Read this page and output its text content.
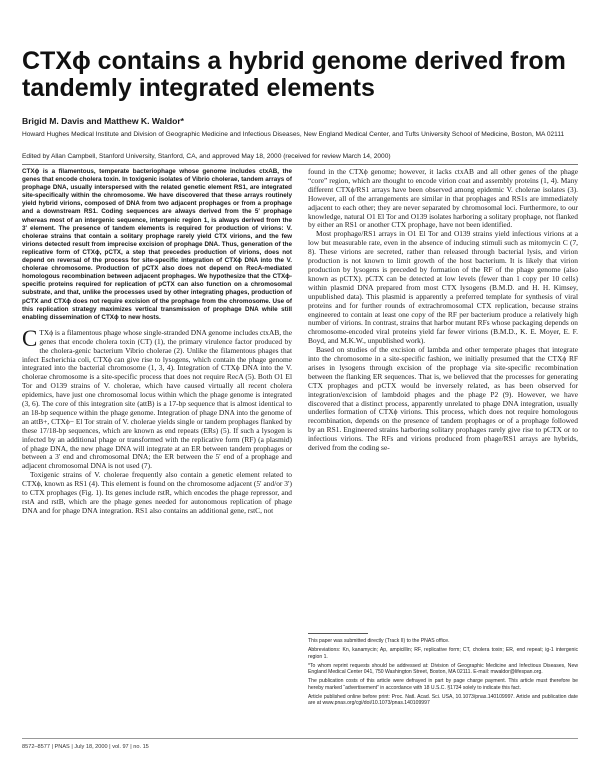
CTXϕ contains a hybrid genome derived from tandemly integrated elements
Brigid M. Davis and Matthew K. Waldor*
Howard Hughes Medical Institute and Division of Geographic Medicine and Infectious Diseases, New England Medical Center, and Tufts University School of Medicine, Boston, MA 02111
Edited by Allan Campbell, Stanford University, Stanford, CA, and approved May 18, 2000 (received for review March 14, 2000)

CTXϕ is a filamentous, temperate bacteriophage whose genome includes ctxAB, the genes that encode cholera toxin. In toxigenic isolates of Vibrio cholerae, tandem arrays of prophage DNA, usually interspersed with the related genetic element RS1, are integrated site-specifically within the chromosome. We have discovered that these arrays routinely yield hybrid virions, composed of DNA from two adjacent prophages or from a prophage and a downstream RS1. Coding sequences are always derived from the 5′ prophage whereas most of an intergenic sequence, intergenic region 1, is always derived from the 3′ element. The presence of tandem elements is required for production of virions: V. cholerae strains that contain a solitary prophage rarely yield CTX virions, and the few virions detected result from imprecise excision of prophage DNA. Thus, generation of the replicative form of CTXϕ, pCTX, a step that precedes production of virions, does not depend on reversal of the process for site-specific integration of CTXϕ DNA into the V. cholerae chromosome. Production of pCTX also does not depend on RecA-mediated homologous recombination between adjacent prophages. We hypothesize that the CTXϕ-specific proteins required for replication of pCTX can also function on a chromosomal substrate, and that, unlike the processes used by other integrating phages, production of pCTX and CTXϕ does not require excision of the prophage from the chromosome. Use of this replication strategy maximizes vertical transmission of prophage DNA while still enabling dissemination of CTXϕ to new hosts.

C TXϕ is a filamentous phage whose single-stranded DNA genome includes ctxAB, the genes that encode cholera toxin (CT) (1), the primary virulence factor produced by the cholera-genic bacterium Vibrio cholerae (2). Unlike the filamentous phages that infect Escherichia coli, CTXϕ can give rise to lysogens, which contain the phage genome integrated into the bacterial chromosome (1, 3, 4). Integration of CTXϕ DNA into the V. cholerae chromosome is a site-specific process that does not require RecA (5). Both O1 El Tor and O139 strains of V. cholerae, which have caused virtually all recent cholera epidemics, have just one chromosomal locus within which the phage genome is integrated (3, 6). The core of this integration site (attB) is a 17-bp sequence that is almost identical to an 18-bp sequence within the phage genome. Integration of phage DNA into the genome of an attB+, CTXϕ− El Tor strain of V. cholerae yields single or tandem prophages flanked by these 17/18-bp sequences, which are known as end repeats (ERs) (5). If such a lysogen is infected by an additional phage or transformed with the replicative form (RF) (a plasmid) of phage DNA, the new phage DNA will integrate at an ER between tandem prophages or between a 3′ end and chromosomal DNA; the ER between the 5′ end of a prophage and adjacent chromosomal DNA is not used (7).

Toxigenic strains of V. cholerae frequently also contain a genetic element related to CTXϕ, known as RS1 (4). This element is found on the chromosome adjacent (5′ and/or 3′) to CTX prophages (Fig. 1). Its genes include rstR, which encodes the phage repressor, and rstA and rstB, which are the phage genes needed for autonomous replication of phage DNA and for phage DNA integration. RS1 also contains an additional gene, rstC, not

found in the CTXϕ genome; however, it lacks ctxAB and all other genes of the phage “core” region, which are thought to encode virion coat and assembly proteins (1, 4). Many different CTXϕ/RS1 arrays have been observed among epidemic V. cholerae isolates (3). However, all of the arrangements are similar in that prophages and RS1s are immediately adjacent to each other; they are never separated by chromosomal loci. Furthermore, to our knowledge, natural O1 El Tor and O139 isolates harboring a solitary prophage, not flanked by either an RS1 or another CTX prophage, have not been identified.

Most prophage/RS1 arrays in O1 El Tor and O139 strains yield infectious virions at a low but measurable rate, even in the absence of inducing stimuli such as mitomycin C (7, 8). These virions are secreted, rather than released through bacterial lysis, and virion production is not known to limit growth of the host bacterium. It is likely that virion production by lysogens is preceded by formation of the RF of the phage genome (also known as pCTX). pCTX can be detected at low levels (fewer than 1 copy per 10 cells) within plasmid DNA prepared from most CTX lysogens (B.M.D. and H. H. Kimsey, unpublished data). This plasmid is apparently a preferred template for synthesis of viral proteins and for further rounds of extrachromosomal CTX replication, because strains engineered to contain at least one copy of the RF per bacterium produce a relatively high number of virions. In contrast, strains that harbor mutant RFs whose packaging depends on chromosome-encoded viral proteins yield far fewer virions (B.M.D., K. E. Moyer, E. F. Boyd, and M.K.W., unpublished work).

Based on studies of the excision of lambda and other temperate phages that integrate into the chromosome in a site-specific fashion, we initially presumed that the CTXϕ RF arises in lysogens through excision of the prophage via site-specific recombination between the flanking ER sequences. That is, we believed that the processes for generating CTX prophages and pCTX would be inversely related, as has been observed for integration/excision of lambdoid phages and the phage P2 (9). However, we have discovered that a distinct process, apparently unrelated to phage DNA integration, usually underlies formation of CTXϕ virions. This process, which does not require homologous recombination, depends on the presence of tandem prophages or of a prophage followed by an RS1. Engineered strains harboring solitary prophages rarely give rise to pCTX or to infectious virions. The RFs and virions produced from phage/RS1 arrays are hybrids, derived from the coding se-

This paper was submitted directly (Track II) to the PNAS office.

Abbreviations: Kn, kanamycin; Ap, ampicillin; RF, replicative form; CT, cholera toxin; ER, end repeat; ig-1 intergenic region 1.

*To whom reprint requests should be addressed at: Division of Geographic Medicine and Infectious Diseases, New England Medical Center 041, 750 Washington Street, Boston, MA 02111. E-mail: mwaldor@lifespan.org.

The publication costs of this article were defrayed in part by page charge payment. This article must therefore be hereby marked “advertisement” in accordance with 18 U.S.C. §1734 solely to indicate this fact.

Article published online before print: Proc. Natl. Acad. Sci. USA, 10.1073/pnas.140109997. Article and publication date are at www.pnas.org/cgi/doi/10.1073/pnas.140109997

8572–8577 | PNAS | July 18, 2000 | vol. 97 | no. 15
